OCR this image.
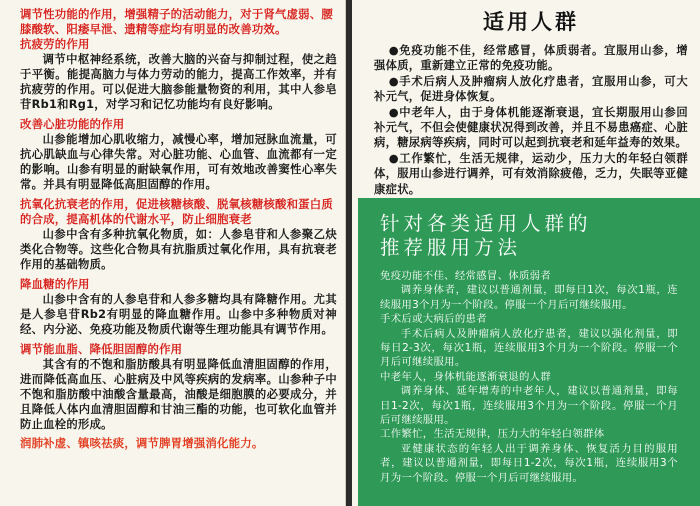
调节性功能的作用，增强精子的活动能力，对于肾气虚弱、腰膝酸软、阳痿早泄、遗精等症均有明显的改善功效。

抗疲劳的作用

调节中枢神经系统，改善大脑的兴奋与抑制过程，使之趋于平衡。能提高脑力与体力劳动的能力，提高工作效率，并有抗疲劳的作用。可以促进大脑参能量物资的利用，其中人参皂苷Rb1和Rg1，对学习和记忆功能均有良好影响。

改善心脏功能的作用

山参能增加心肌收缩力，减慢心率，增加冠脉血流量，可抗心肌缺血与心律失常。对心脏功能、心血管、血流都有一定的影响。山参有明显的耐缺氧作用，可有效地改善窦性心率失常。并具有明显降低高胆固醇的作用。

抗氧化抗衰老的作用，促进核糖核酸、脱氧核糖核酸和蛋白质的合成，提高机体的代谢水平，防止细胞衰老

山参中含有多种抗氧化物质，如：人参皂苷和人参聚乙炔类化合物等。这些化合物具有抗脂质过氧化作用，具有抗衰老作用的基础物质。

降血糖的作用

山参中含有的人参皂苷和人参多糖均具有降糖作用。尤其是人参皂苷Rb2有明显的降血糖作用。山参中多种物质对神经、内分泌、免疫功能及物质代谢等生理功能具有调节作用。

调节能血脂、降低胆固醇的作用

其含有的不饱和脂肪酸具有明显降低血清胆固醇的作用，进而降低高血压、心脏病及中风等疾病的发病率。山参种子中不饱和脂肪酸中油酸含量最高，油酸是细胞膜的必要成分，并且降低人体内血清胆固醇和甘油三酯的功能，也可软化血管并防止血栓的形成。

润肺补虚、镇咳祛痰，调节脾胃增强消化能力。

适用人群

●免疫功能不佳，经常感冒，体质弱者。宜服用山参，增强体质，重新建立正常的免疫功能。

●手术后病人及肿瘤病人放化疗患者，宜服用山参，可大补元气，促进身体恢复。

●中老年人，由于身体机能逐渐衰退，宜长期服用山参回补元气，不但会使健康状况得到改善，并且不易患癌症、心脏病，糖尿病等疾病，同时可以起到抗衰老和延年益寿的效果。

●工作繁忙，生活无规律，运动少，压力大的年轻白领群体，服用山参进行调养，可有效消除疲倦，乏力，失眠等亚健康症状。

针对各类适用人群的
推荐服用方法

免疫功能不佳、经常感冒、体质弱者

调养身体者，建议以普通剂量，即每日1次，每次1瓶，连续服用3个月为一个阶段。停服一个月后可继续服用。

手术后或大病后的患者

手术后病人及肿瘤病人放化疗患者，建议以强化剂量，即每日2-3次，每次1瓶，连续服用3个月为一个阶段。停服一个月后可继续服用。

中老年人，身体机能逐渐衰退的人群

调养身体、延年增寿的中老年人，建议以普通剂量，即每日1-2次，每次1瓶，连续服用3个月为一个阶段。停服一个月后可继续服用。

工作繁忙，生活无规律，压力大的年轻白领群体

亚健康状态的年轻人出于调养身体、恢复活力目的服用者，建议以普通剂量，即每日1-2次，每次1瓶，连续服用3个月为一个阶段。停服一个月后可继续服用。
